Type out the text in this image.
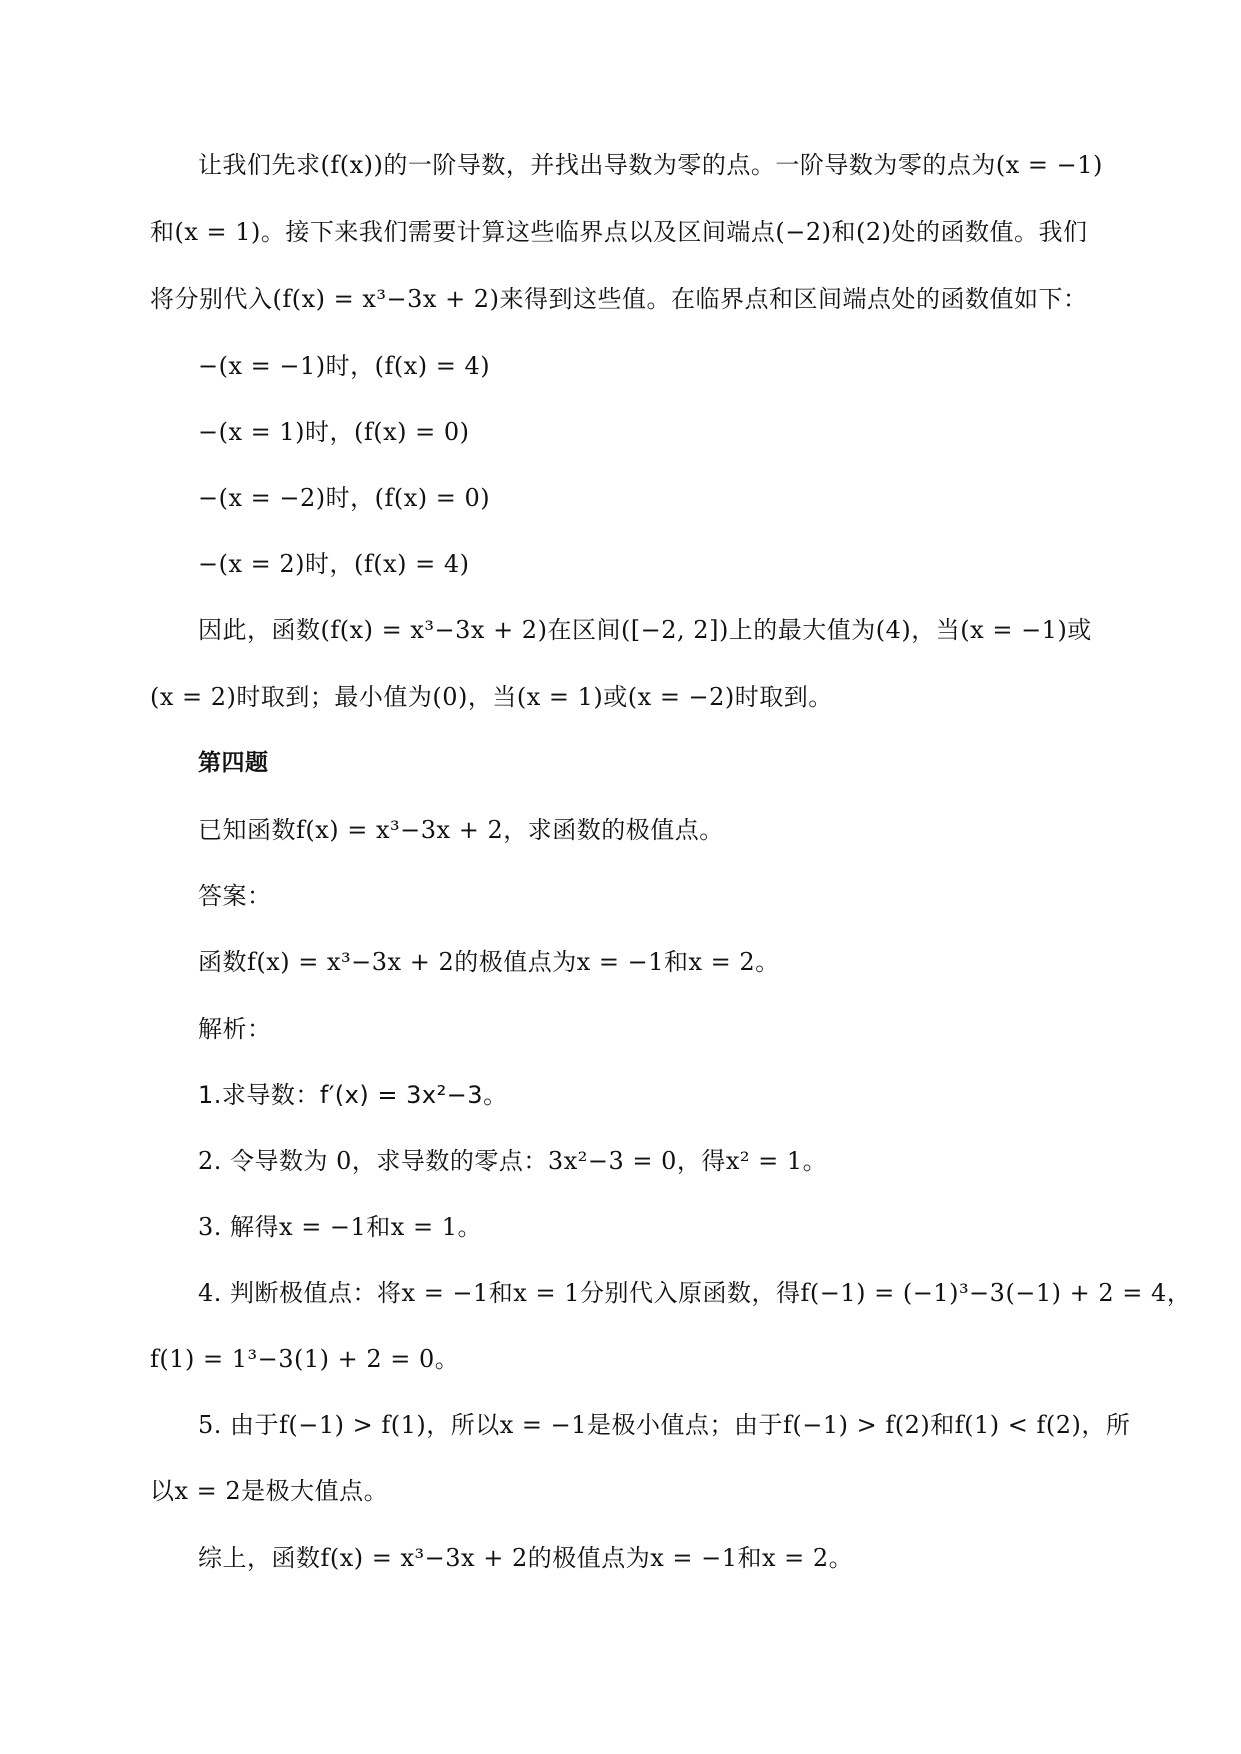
让我们先求(f(x))的一阶导数，并找出导数为零的点。一阶导数为零的点为(x = −1)
和(x = 1)。接下来我们需要计算这些临界点以及区间端点(−2)和(2)处的函数值。我们
将分别代入(f(x) = x³−3x + 2)来得到这些值。在临界点和区间端点处的函数值如下：
−(x = −1)时，(f(x) = 4)
−(x = 1)时，(f(x) = 0)
−(x = −2)时，(f(x) = 0)
−(x = 2)时，(f(x) = 4)
因此，函数(f(x) = x³−3x + 2)在区间([−2, 2])上的最大值为(4)，当(x = −1)或
(x = 2)时取到；最小值为(0)，当(x = 1)或(x = −2)时取到。
第四题
已知函数f(x) = x³−3x + 2，求函数的极值点。
答案：
函数f(x) = x³−3x + 2的极值点为x = −1和x = 2。
解析：
1.求导数：f′(x) = 3x²−3。
2. 令导数为 0，求导数的零点：3x²−3 = 0，得x² = 1。
3. 解得x = −1和x = 1。
4. 判断极值点：将x = −1和x = 1分别代入原函数，得f(−1) = (−1)³−3(−1) + 2 = 4，
f(1) = 1³−3(1) + 2 = 0。
5. 由于f(−1) > f(1)，所以x = −1是极小值点；由于f(−1) > f(2)和f(1) < f(2)，所
以x = 2是极大值点。
综上，函数f(x) = x³−3x + 2的极值点为x = −1和x = 2。
